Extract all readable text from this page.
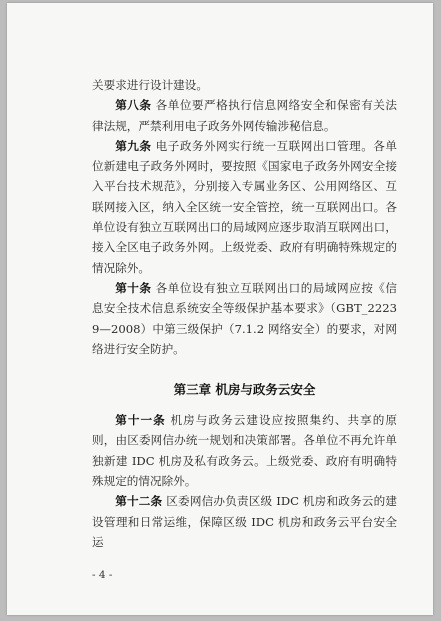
关要求进行设计建设。

第八条 各单位要严格执行信息网络安全和保密有关法律法规，严禁利用电子政务外网传输涉秘信息。

第九条 电子政务外网实行统一互联网出口管理。各单位新建电子政务外网时，要按照《国家电子政务外网安全接入平台技术规范》，分别接入专属业务区、公用网络区、互联网接入区，纳入全区统一安全管控，统一互联网出口。各单位设有独立互联网出口的局域网应逐步取消互联网出口，接入全区电子政务外网。上级党委、政府有明确特殊规定的情况除外。

第十条 各单位设有独立互联网出口的局域网应按《信息安全技术信息系统安全等级保护基本要求》（GBT_22239—2008）中第三级保护（7.1.2 网络安全）的要求，对网络进行安全防护。

第三章 机房与政务云安全

第十一条 机房与政务云建设应按照集约、共享的原则，由区委网信办统一规划和决策部署。各单位不再允许单独新建 IDC 机房及私有政务云。上级党委、政府有明确特殊规定的情况除外。

第十二条 区委网信办负责区级 IDC 机房和政务云的建设管理和日常运维，保障区级 IDC 机房和政务云平台安全运

- 4 -
